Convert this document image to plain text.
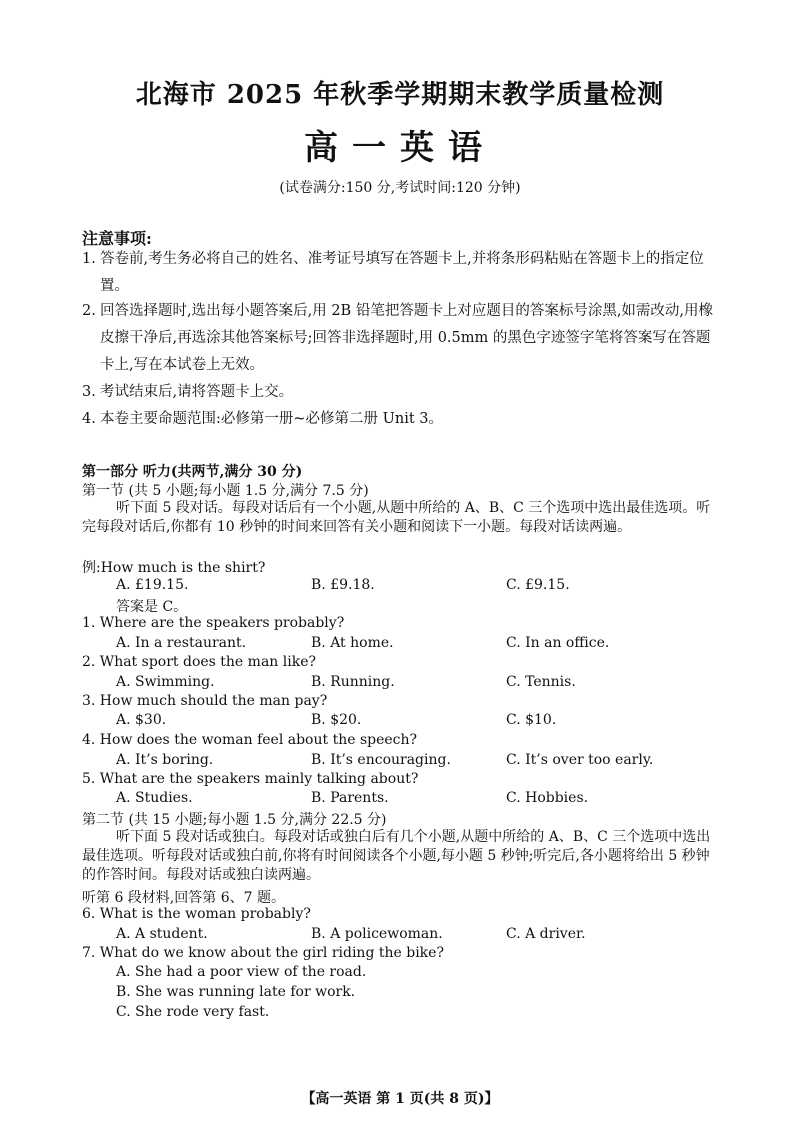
北海市 2025 年秋季学期期末教学质量检测
高一英语
(试卷满分:150 分,考试时间:120 分钟)
注意事项:
1. 答卷前,考生务必将自己的姓名、准考证号填写在答题卡上,并将条形码粘贴在答题卡上的指定位置。
2. 回答选择题时,选出每小题答案后,用 2B 铅笔把答题卡上对应题目的答案标号涂黑,如需改动,用橡皮擦干净后,再选涂其他答案标号;回答非选择题时,用 0.5mm 的黑色字迹签字笔将答案写在答题卡上,写在本试卷上无效。
3. 考试结束后,请将答题卡上交。
4. 本卷主要命题范围:必修第一册~必修第二册 Unit 3。
第一部分 听力(共两节,满分 30 分)
第一节 (共 5 小题;每小题 1.5 分,满分 7.5 分)
听下面 5 段对话。每段对话后有一个小题,从题中所给的 A、B、C 三个选项中选出最佳选项。听完每段对话后,你都有 10 秒钟的时间来回答有关小题和阅读下一小题。每段对话读两遍。
例:How much is the shirt?
A. £19.15.	B. £9.18.	C. £9.15.
答案是 C。
1. Where are the speakers probably?
A. In a restaurant.	B. At home.	C. In an office.
2. What sport does the man like?
A. Swimming.	B. Running.	C. Tennis.
3. How much should the man pay?
A. $30.	B. $20.	C. $10.
4. How does the woman feel about the speech?
A. It’s boring.	B. It’s encouraging.	C. It’s over too early.
5. What are the speakers mainly talking about?
A. Studies.	B. Parents.	C. Hobbies.
第二节 (共 15 小题;每小题 1.5 分,满分 22.5 分)
听下面 5 段对话或独白。每段对话或独白后有几个小题,从题中所给的 A、B、C 三个选项中选出最佳选项。听每段对话或独白前,你将有时间阅读各个小题,每小题 5 秒钟;听完后,各小题将给出 5 秒钟的作答时间。每段对话或独白读两遍。
听第 6 段材料,回答第 6、7 题。
6. What is the woman probably?
A. A student.	B. A policewoman.	C. A driver.
7. What do we know about the girl riding the bike?
A. She had a poor view of the road.
B. She was running late for work.
C. She rode very fast.
【高一英语 第 1 页(共 8 页)】
